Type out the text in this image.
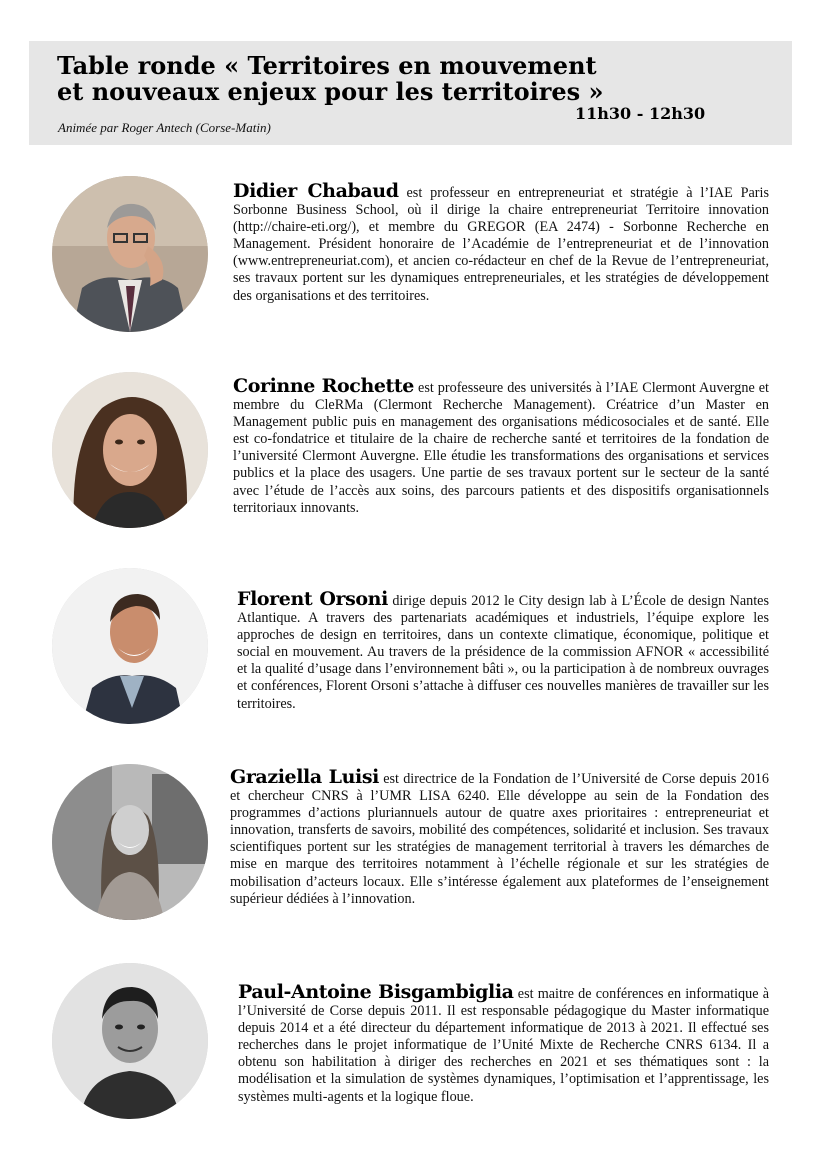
Table ronde « Territoires en mouvement
et nouveaux enjeux pour les territoires »
11h30 - 12h30
Animée par Roger Antech (Corse-Matin)

Didier Chabaud est professeur en entrepreneuriat et stratégie à l’IAE Paris Sorbonne Business School, où il dirige la chaire entrepreneuriat Territoire innovation (http://chaire-eti.org/), et membre du GREGOR (EA 2474) - Sorbonne Recherche en Management. Président honoraire de l’Académie de l’entrepreneuriat et de l’innovation (www.entrepreneuriat.com), et ancien co-rédacteur en chef de la Revue de l’entrepreneuriat, ses travaux portent sur les dynamiques entrepreneuriales, et les stratégies de développement des organisations et des territoires.

Corinne Rochette est professeure des universités à l’IAE Clermont Auvergne et membre du CleRMa (Clermont Recherche Management). Créatrice d’un Master en Management public puis en management des organisations médicosociales et de santé. Elle est co-fondatrice et titulaire de la chaire de recherche santé et territoires de la fondation de l’université Clermont Auvergne. Elle étudie les transformations des organisations et services publics et la place des usagers. Une partie de ses travaux portent sur le secteur de la santé avec l’étude de l’accès aux soins, des parcours patients et des dispositifs organisationnels territoriaux innovants.

Florent Orsoni dirige depuis 2012 le City design lab à L’École de design Nantes Atlantique. A travers des partenariats académiques et industriels, l’équipe explore les approches de design en territoires, dans un contexte climatique, économique, politique et social en mouvement. Au travers de la présidence de la commission AFNOR « accessibilité et la qualité d’usage dans l’environnement bâti », ou la participation à de nombreux ouvrages et conférences, Florent Orsoni s’attache à diffuser ces nouvelles manières de travailler sur les territoires.

Graziella Luisi est directrice de la Fondation de l’Université de Corse depuis 2016 et chercheur CNRS à l’UMR LISA 6240. Elle développe au sein de la Fondation des programmes d’actions pluriannuels autour de quatre axes prioritaires : entrepreneuriat et innovation, transferts de savoirs, mobilité des compétences, solidarité et inclusion. Ses travaux scientifiques portent sur les stratégies de management territorial à travers les démarches de mise en marque des territoires notamment à l’échelle régionale et sur les stratégies de mobilisation d’acteurs locaux. Elle s’intéresse également aux plateformes de l’enseignement supérieur dédiées à l’innovation.

Paul-Antoine Bisgambiglia est maitre de conférences en informatique à l’Université de Corse depuis 2011. Il est responsable pédagogique du Master informatique depuis 2014 et a été directeur du département informatique de 2013 à 2021. Il effectué ses recherches dans le projet informatique de l’Unité Mixte de Recherche CNRS 6134. Il a obtenu son habilitation à diriger des recherches en 2021 et ses thématiques sont : la modélisation et la simulation de systèmes dynamiques, l’optimisation et l’apprentissage, les systèmes multi-agents et la logique floue.
